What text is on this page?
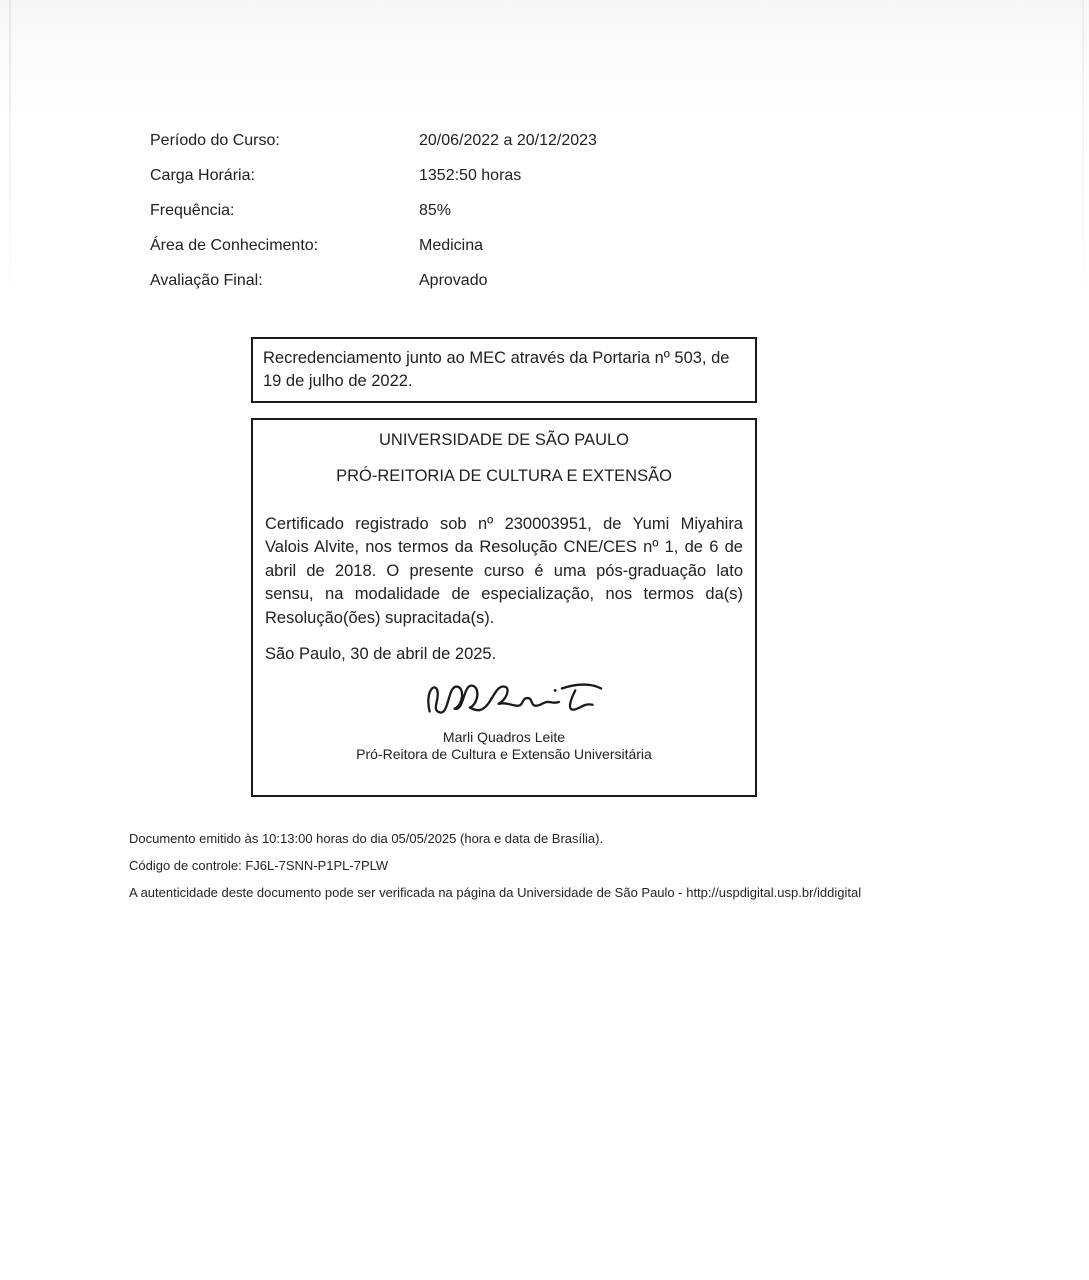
Período do Curso:	20/06/2022 a 20/12/2023
Carga Horária:	1352:50 horas
Frequência:	85%
Área de Conhecimento:	Medicina
Avaliação Final:	Aprovado
Recredenciamento junto ao MEC através da Portaria nº 503, de 19 de julho de 2022.
UNIVERSIDADE DE SÃO PAULO
PRÓ-REITORIA DE CULTURA E EXTENSÃO
Certificado registrado sob nº 230003951, de Yumi Miyahira Valois Alvite, nos termos da Resolução CNE/CES nº 1, de 6 de abril de 2018. O presente curso é uma pós-graduação lato sensu, na modalidade de especialização, nos termos da(s) Resolução(ões) supracitada(s).
São Paulo, 30 de abril de 2025.
Marli Quadros Leite
Pró-Reitora de Cultura e Extensão Universitária
Documento emitido às 10:13:00 horas do dia 05/05/2025 (hora e data de Brasília).
Código de controle: FJ6L-7SNN-P1PL-7PLW
A autenticidade deste documento pode ser verificada na página da Universidade de São Paulo - http://uspdigital.usp.br/iddigital
